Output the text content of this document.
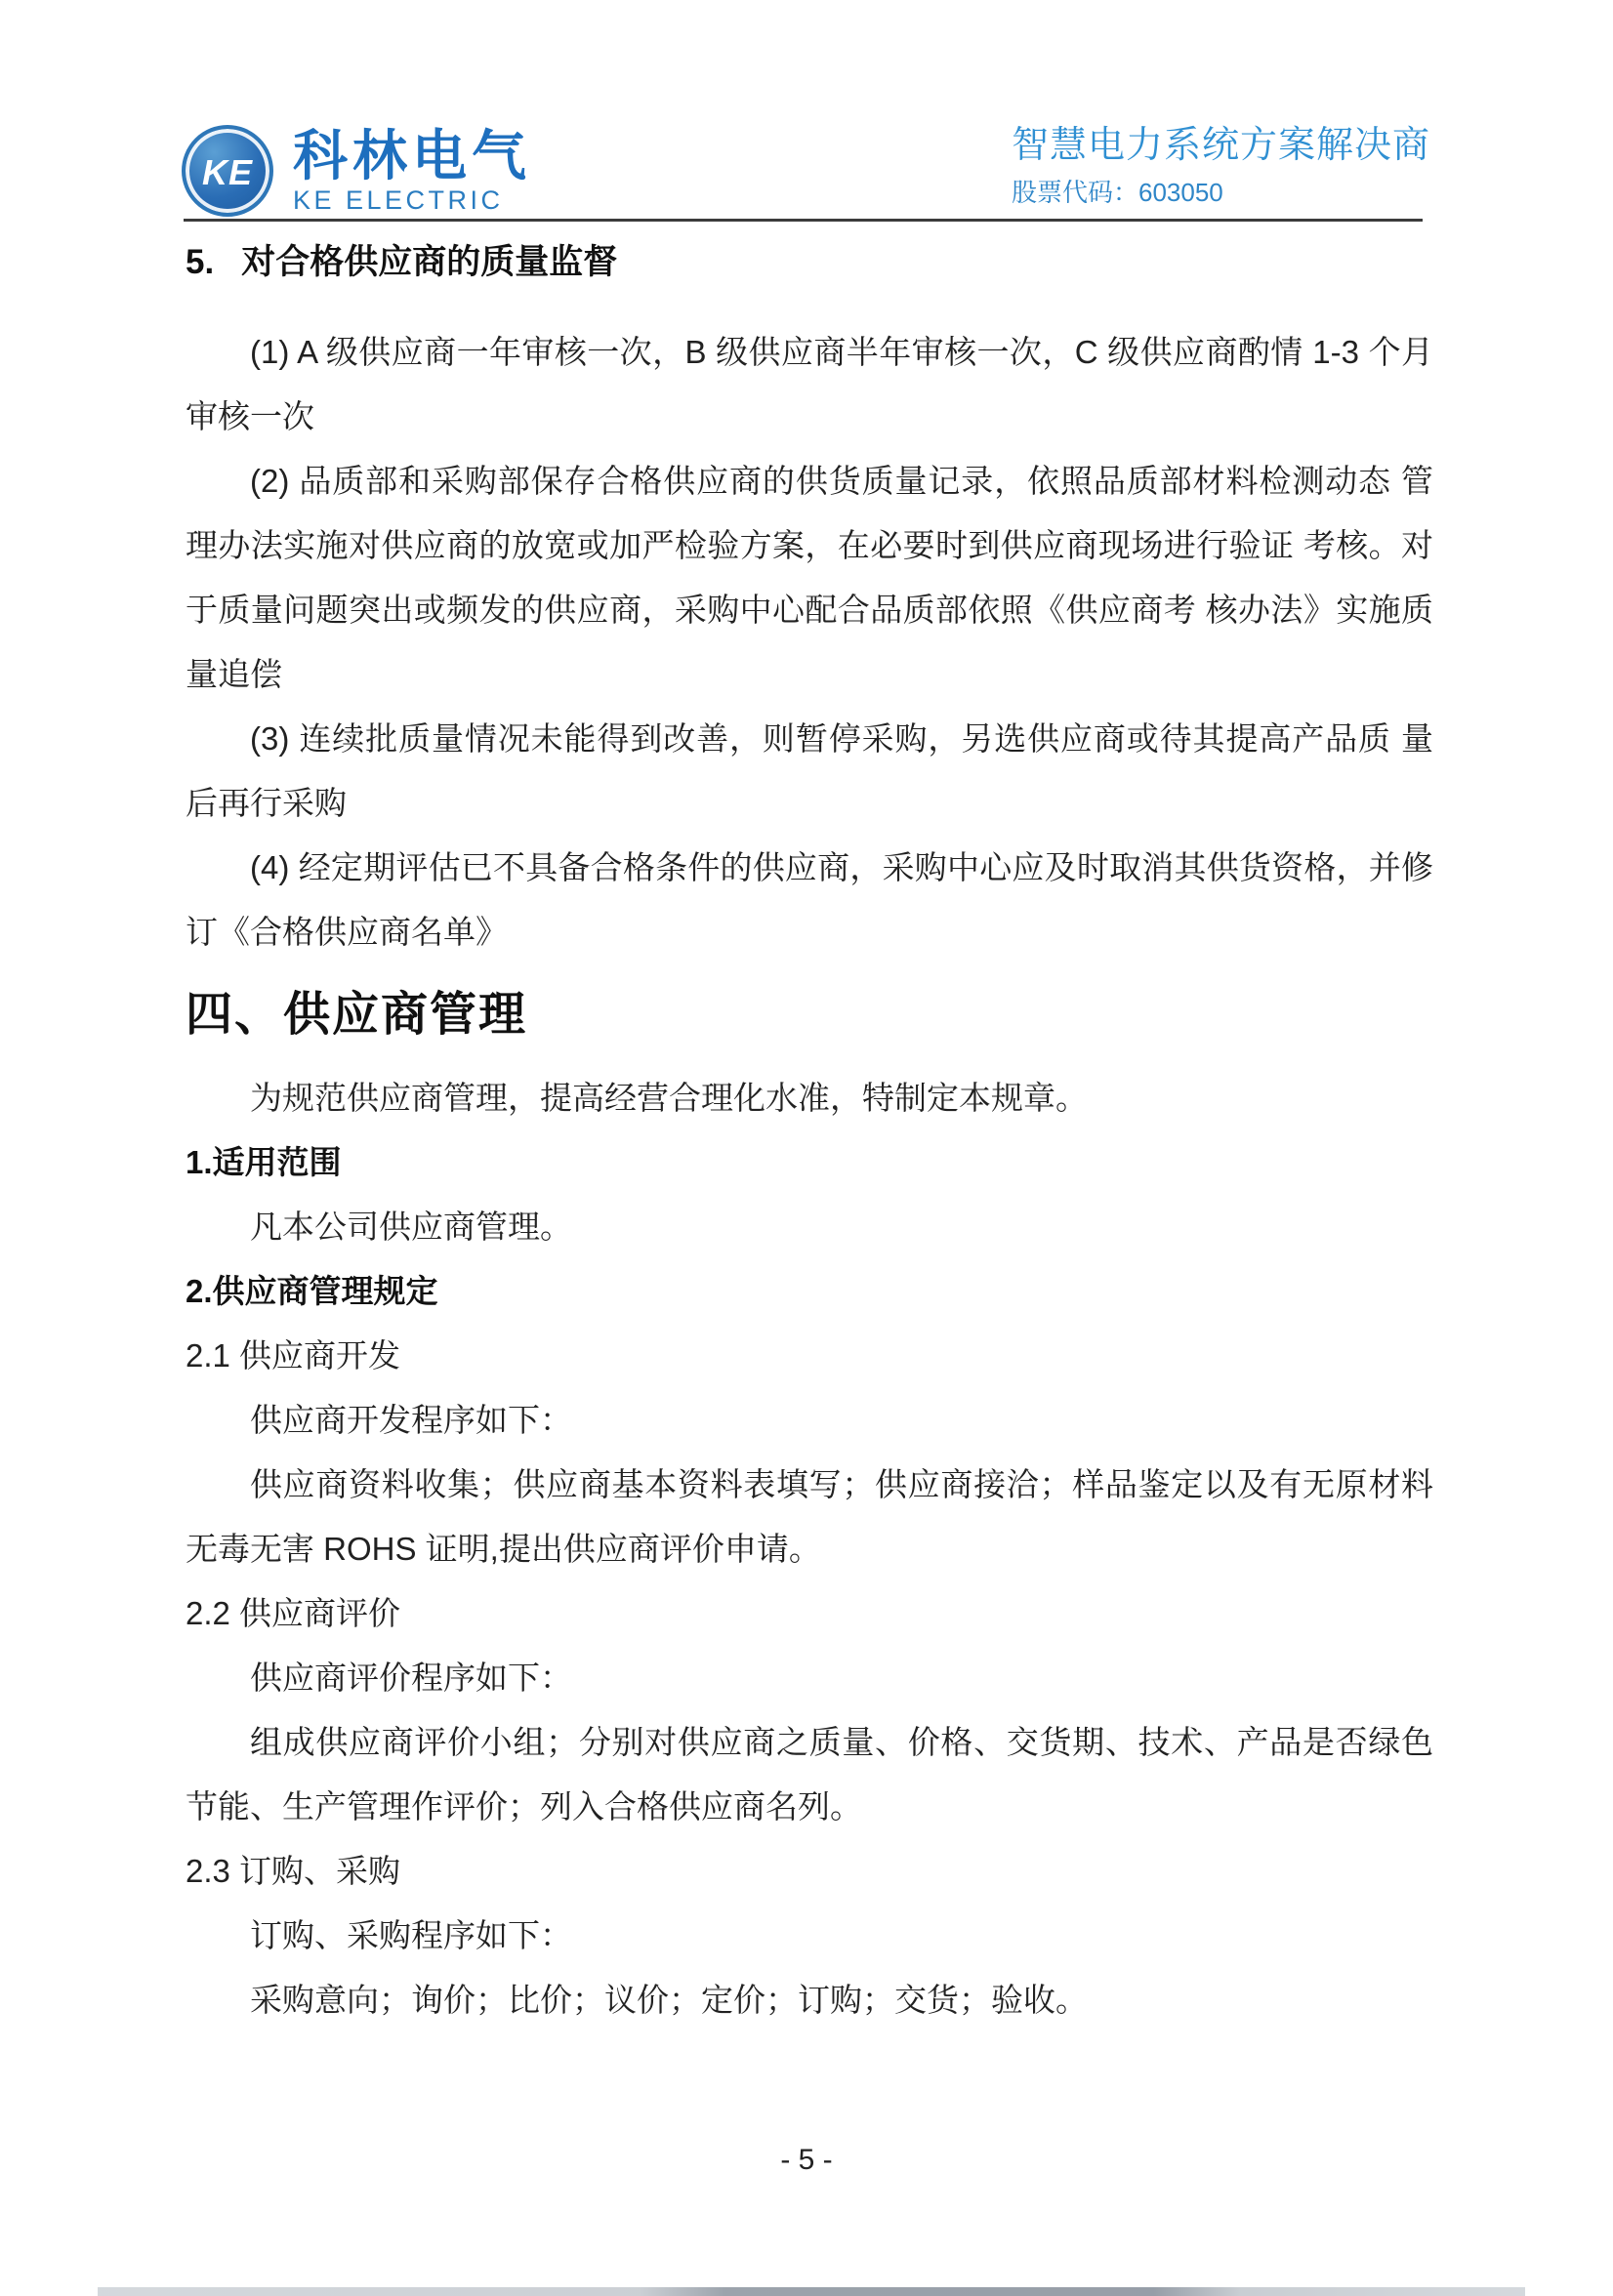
KE 科林电气
KE ELECTRIC
智慧电力系统方案解决商
股票代码：603050

5. 对合格供应商的质量监督

(1) A 级供应商一年审核一次，B 级供应商半年审核一次，C 级供应商酌情 1-3 个月审核一次

(2) 品质部和采购部保存合格供应商的供货质量记录，依照品质部材料检测动态 管理办法实施对供应商的放宽或加严检验方案，在必要时到供应商现场进行验证 考核。对于质量问题突出或频发的供应商，采购中心配合品质部依照《供应商考 核办法》实施质量追偿

(3) 连续批质量情况未能得到改善，则暂停采购，另选供应商或待其提高产品质 量后再行采购

(4) 经定期评估已不具备合格条件的供应商，采购中心应及时取消其供货资格，并修订《合格供应商名单》

四、供应商管理

为规范供应商管理，提高经营合理化水准，特制定本规章。

1.适用范围

凡本公司供应商管理。

2.供应商管理规定

2.1 供应商开发

供应商开发程序如下：

供应商资料收集；供应商基本资料表填写；供应商接洽；样品鉴定以及有无原材料无毒无害 ROHS 证明,提出供应商评价申请。

2.2 供应商评价

供应商评价程序如下：

组成供应商评价小组；分别对供应商之质量、价格、交货期、技术、产品是否绿色节能、生产管理作评价；列入合格供应商名列。

2.3 订购、采购

订购、采购程序如下：

采购意向；询价；比价；议价；定价；订购；交货；验收。

- 5 -
